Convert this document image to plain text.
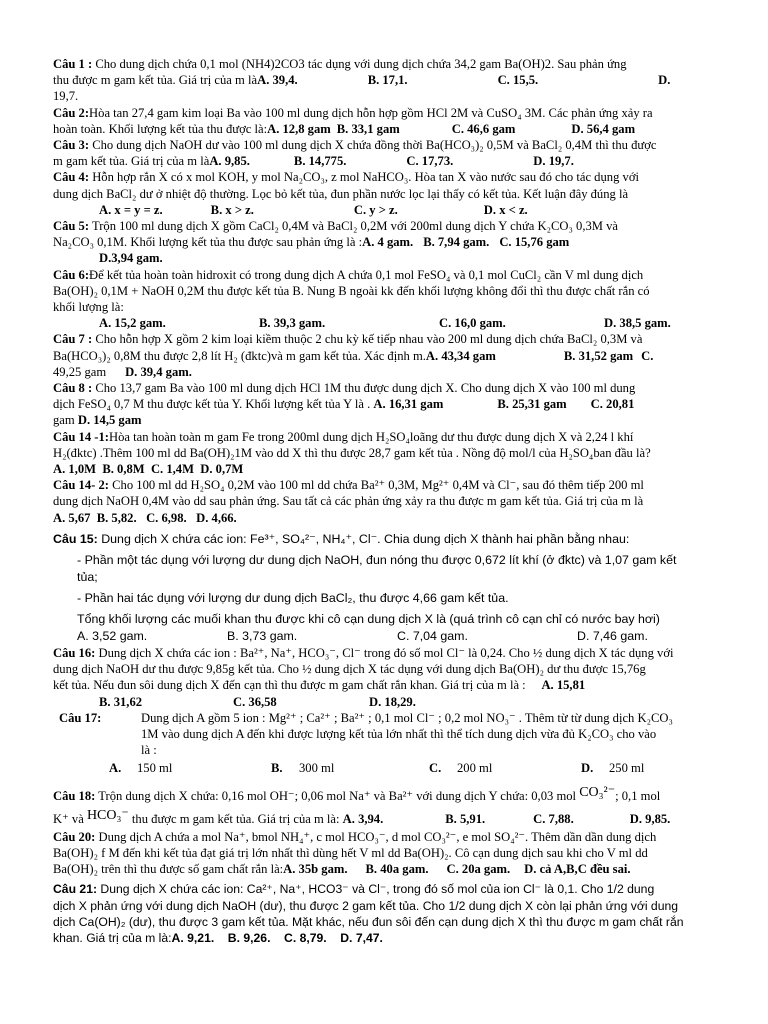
Câu 1 : Cho dung dịch chứa 0,1 mol (NH4)2CO3 tác dụng với dung dịch chứa 34,2 gam Ba(OH)2. Sau phản ứng

thu được m gam kết tủa. Giá trị của m là A. 39,4.	B. 17,1.	C. 15,5.	D.

19,7.

Câu 2:Hòa tan 27,4 gam kim loại Ba vào 100 ml dung dịch hỗn hợp gồm HCl 2M và CuSO₄ 3M. Các phản ứng xảy ra

hoàn toàn. Khối lượng kết tủa thu được là: A. 12,8 gam B. 33,1 gam	C. 46,6 gam	D. 56,4 gam

Câu 3: Cho dung dịch NaOH dư vào 100 ml dung dịch X chứa đồng thời Ba(HCO₃)₂ 0,5M và BaCl₂ 0,4M thì thu được

m gam kết tủa. Giá trị của m là A. 9,85.	B. 14,775.	C. 17,73.	D. 19,7.

Câu 4: Hỗn hợp rắn X có x mol KOH, y mol Na₂CO₃, z mol NaHCO₃. Hòa tan X vào nước sau đó cho tác dụng với

dung dịch BaCl₂ dư ở nhiệt độ thường. Lọc bỏ kết tủa, đun phần nước lọc lại thấy có kết tủa. Kết luận đây đúng là

A. x = y = z.	B. x > z.	C. y > z.	D. x < z.

Câu 5: Trộn 100 ml dung dịch X gồm CaCl₂ 0,4M và BaCl₂ 0,2M với 200ml dung dịch Y chứa K₂CO₃ 0,3M và

Na₂CO₃ 0,1M. Khối lượng kết tủa thu được sau phản ứng là : A. 4 gam. B. 7,94 gam. C. 15,76 gam

D.3,94 gam.

Câu 6:Để kết tủa hoàn toàn hidroxit có trong dung dịch A chứa 0,1 mol FeSO₄ và 0,1 mol CuCl₂ cần V ml dung dịch

Ba(OH)₂ 0,1M + NaOH 0,2M thu được kết tủa B. Nung B ngoài kk đến khối lượng không đổi thì thu được chất rắn có

khối lượng là:

A. 15,2 gam.	B. 39,3 gam.	C. 16,0 gam.	D. 38,5 gam.

Câu 7 : Cho hỗn hợp X gồm 2 kim loại kiềm thuộc 2 chu kỳ kế tiếp nhau vào 200 ml dung dịch chứa BaCl₂ 0,3M và

Ba(HCO₃)₂ 0,8M thu được 2,8 lít H₂ (đktc)và m gam kết tủa. Xác định m. A. 43,34 gam	B. 31,52 gam C.

49,25 gam D. 39,4 gam.

Câu 8 : Cho 13,7 gam Ba vào 100 ml dung dịch HCl 1M thu được dung dịch X. Cho dung dịch X vào 100 ml dung

dịch FeSO₄ 0,7 M thu được kết tủa Y. Khối lượng kết tủa Y là .
A. 16,31 gam	B. 25,31 gam C. 20,81

gam D. 14,5 gam

Câu 14 -1:Hòa tan hoàn toàn m gam Fe trong 200ml dung dịch H₂SO₄loãng dư thu được dung dịch X và 2,24 l khí

H₂(đktc) .Thêm 100 ml dd Ba(OH)₂1M vào dd X thì thu được 28,7 gam kết tủa . Nồng độ mol/l của H₂SO₄ban đầu là?

A. 1,0M B. 0,8M C. 1,4M D. 0,7M

Câu 14- 2: Cho 100 ml dd H₂SO₄ 0,2M vào 100 ml dd chứa Ba²⁺ 0,3M, Mg²⁺ 0,4M và Cl⁻, sau đó thêm tiếp 200 ml

dung dịch NaOH 0,4M vào dd sau phản ứng. Sau tất cả các phản ứng xảy ra thu được m gam kết tủa. Giá trị của m là

A. 5,67 B. 5,82. C. 6,98. D. 4,66.

Câu 15: Dung dịch X chứa các ion: Fe³⁺, SO₄²⁻, NH₄⁺, Cl⁻. Chia dung dịch X thành hai phần bằng nhau:

- Phần một tác dụng với lượng dư dung dịch NaOH, đun nóng thu được 0,672 lít khí (ở đktc) và 1,07 gam kết

tủa;

- Phần hai tác dụng với lượng dư dung dịch BaCl₂, thu được 4,66 gam kết tủa.

Tổng khối lượng các muối khan thu được khi cô cạn dung dịch X là (quá trình cô cạn chỉ có nước bay hơi)

A. 3,52 gam.	B. 3,73 gam.	C. 7,04 gam.	D. 7,46 gam.

Câu 16: Dung dịch X chứa các ion : Ba²⁺, Na⁺, HCO₃⁻, Cl⁻ trong đó số mol Cl⁻ là 0,24. Cho ½ dung dịch X tác dụng với

dung dịch NaOH dư thu được 9,85g kết tủa. Cho ½ dung dịch X tác dụng với dung dịch Ba(OH)₂ dư thu được 15,76g

kết tủa. Nếu đun sôi dung dịch X đến cạn thì thu được m gam chất rắn khan. Giá trị của m là : A. 15,81

B. 31,62	C. 36,58	D. 18,29.
Câu 17:	Dung dịch A gồm 5 ion : Mg²⁺ ; Ca²⁺ ; Ba²⁺ ; 0,1 mol Cl⁻ ; 0,2 mol NO₃⁻ . Thêm từ từ dung dịch K₂CO₃

1M vào dung dịch A đến khi được lượng kết tủa lớn nhất thì thể tích dung dịch vừa đủ K₂CO₃ cho vào

là :

A.	150 ml	B.	300 ml	C.	200 ml	D.	250 ml

Câu 18: Trộn dung dịch X chứa: 0,16 mol OH⁻; 0,06 mol Na⁺ và Ba²⁺ với dung dịch Y chứa: 0,03 mol CO₃²⁻; 0,1 mol

K⁺ và HCO₃⁻ thu được m gam kết tủa. Giá trị của m là: A. 3,94.	B. 5,91.	C. 7,88.	D. 9,85.

Câu 20: Dung dịch A chứa a mol Na⁺, bmol NH₄⁺, c mol HCO₃⁻, d mol CO₃²⁻, e mol SO₄²⁻. Thêm dần dần dung dịch

Ba(OH)₂ f M đến khi kết tủa đạt giá trị lớn nhất thì dùng hết V ml dd Ba(OH)₂. Cô cạn dung dịch sau khi cho V ml dd

Ba(OH)₂ trên thì thu được số gam chất rắn là:A. 35b gam. B. 40a gam. C. 20a gam. D. cả A,B,C đều sai.

Câu 21: Dung dịch X chứa các ion: Ca²⁺, Na⁺, HCO3⁻ và Cl⁻, trong đó số mol của ion Cl⁻ là 0,1. Cho 1/2 dung

dịch X phản ứng với dung dịch NaOH (dư), thu được 2 gam kết tủa. Cho 1/2 dung dịch X còn lại phản ứng với dung

dịch Ca(OH)₂ (dư), thu được 3 gam kết tủa. Mặt khác, nếu đun sôi đến cạn dung dịch X thì thu được m gam chất rắn

khan. Giá trị của m là:A. 9,21. B. 9,26. C. 8,79. D. 7,47.
